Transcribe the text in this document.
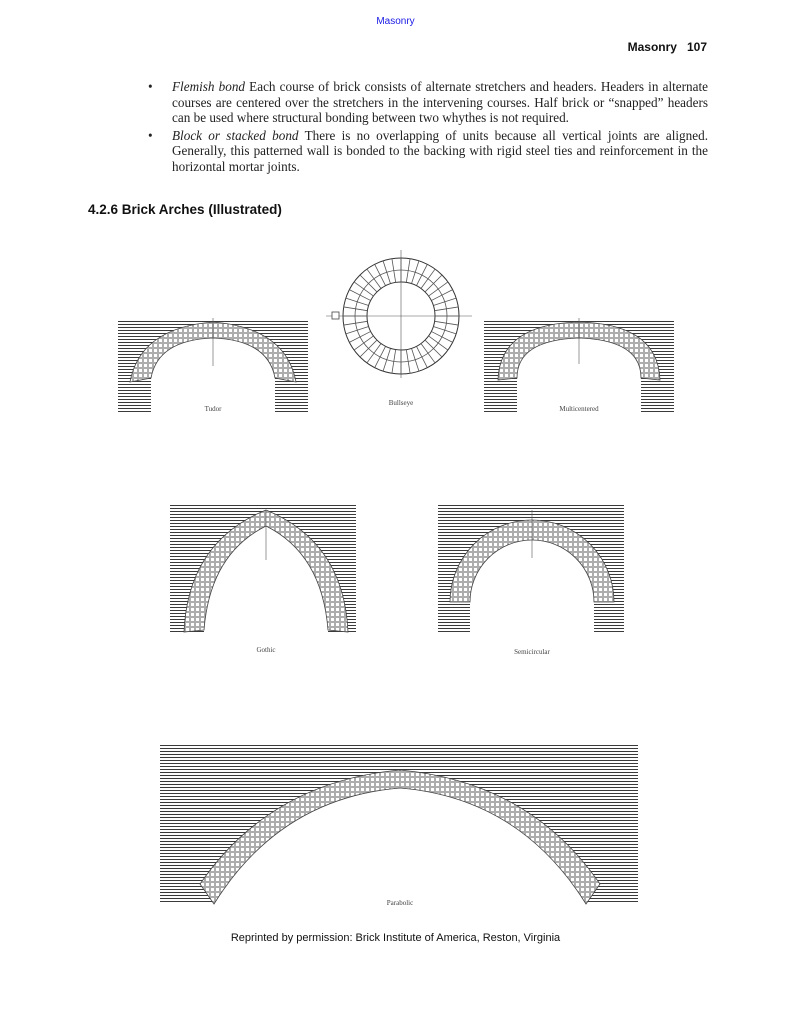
Masonry
Masonry 107
• Flemish bond Each course of brick consists of alternate stretchers and headers. Headers in alternate courses are centered over the stretchers in the intervening courses. Half brick or “snapped” headers can be used where structural bonding between two whythes is not required.
• Block or stacked bond There is no overlapping of units because all vertical joints are aligned. Generally, this patterned wall is bonded to the backing with rigid steel ties and reinforcement in the horizontal mortar joints.
4.2.6 Brick Arches (Illustrated)
Tudor
Bullseye
Multicentered
Gothic	Semicircular
Parabolic
Reprinted by permission: Brick Institute of America, Reston, Virginia
